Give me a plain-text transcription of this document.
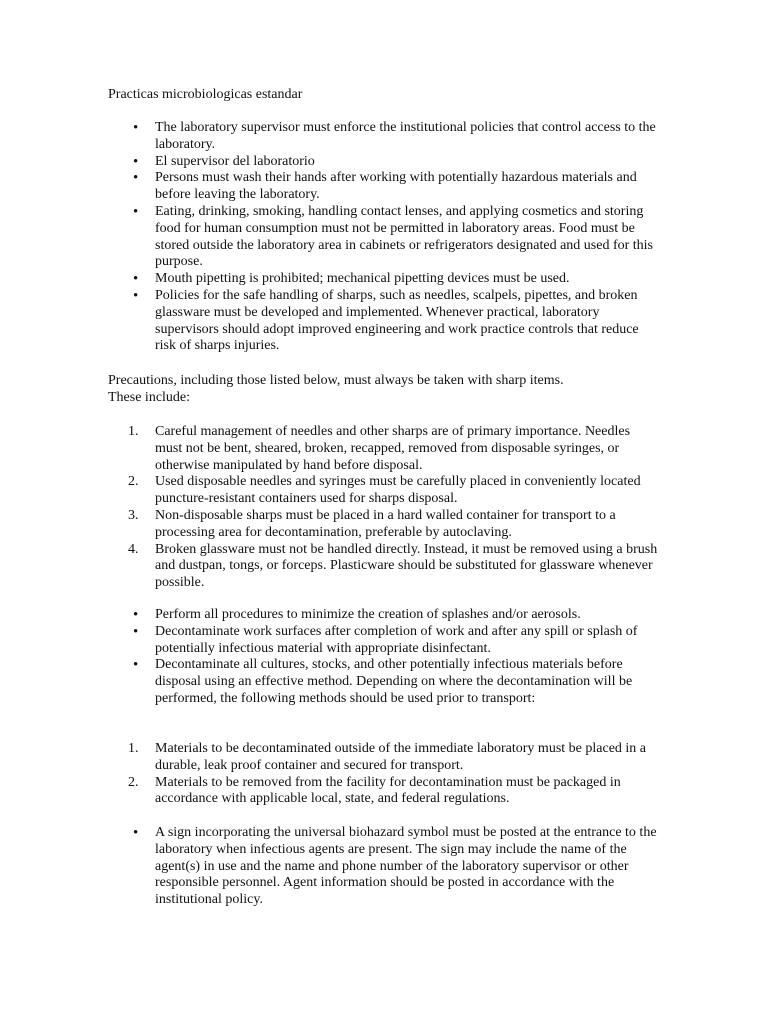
Practicas microbiologicas estandar
• The laboratory supervisor must enforce the institutional policies that control access to the laboratory.
• El supervisor del laboratorio
• Persons must wash their hands after working with potentially hazardous materials and before leaving the laboratory.
• Eating, drinking, smoking, handling contact lenses, and applying cosmetics and storing food for human consumption must not be permitted in laboratory areas. Food must be stored outside the laboratory area in cabinets or refrigerators designated and used for this purpose.
• Mouth pipetting is prohibited; mechanical pipetting devices must be used.
• Policies for the safe handling of sharps, such as needles, scalpels, pipettes, and broken glassware must be developed and implemented. Whenever practical, laboratory supervisors should adopt improved engineering and work practice controls that reduce risk of sharps injuries.
Precautions, including those listed below, must always be taken with sharp items. These include:
1. Careful management of needles and other sharps are of primary importance. Needles must not be bent, sheared, broken, recapped, removed from disposable syringes, or otherwise manipulated by hand before disposal.
2. Used disposable needles and syringes must be carefully placed in conveniently located puncture-resistant containers used for sharps disposal.
3. Non-disposable sharps must be placed in a hard walled container for transport to a processing area for decontamination, preferable by autoclaving.
4. Broken glassware must not be handled directly. Instead, it must be removed using a brush and dustpan, tongs, or forceps. Plasticware should be substituted for glassware whenever possible.
• Perform all procedures to minimize the creation of splashes and/or aerosols.
• Decontaminate work surfaces after completion of work and after any spill or splash of potentially infectious material with appropriate disinfectant.
• Decontaminate all cultures, stocks, and other potentially infectious materials before disposal using an effective method. Depending on where the decontamination will be performed, the following methods should be used prior to transport:
1. Materials to be decontaminated outside of the immediate laboratory must be placed in a durable, leak proof container and secured for transport.
2. Materials to be removed from the facility for decontamination must be packaged in accordance with applicable local, state, and federal regulations.
• A sign incorporating the universal biohazard symbol must be posted at the entrance to the laboratory when infectious agents are present. The sign may include the name of the agent(s) in use and the name and phone number of the laboratory supervisor or other responsible personnel. Agent information should be posted in accordance with the institutional policy.
